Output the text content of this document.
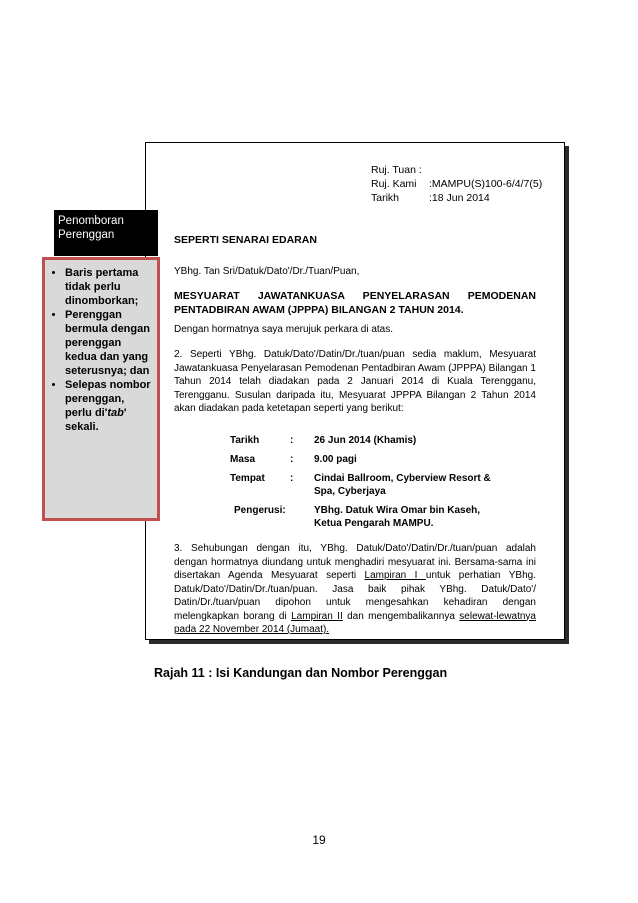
Ruj. Tuan :
Ruj. Kami	:MAMPU(S)100-6/4/7(5)
Tarikh	:18 Jun 2014
SEPERTI SENARAI EDARAN
YBhg. Tan Sri/Datuk/Dato'/Dr./Tuan/Puan,
MESYUARAT JAWATANKUASA PENYELARASAN PEMODENAN
PENTADBIRAN AWAM (JPPPA) BILANGAN 2 TAHUN 2014.
Dengan hormatnya saya merujuk perkara di atas.
2. Seperti YBhg. Datuk/Dato'/Datin/Dr./tuan/puan sedia maklum, Mesyuarat Jawatankuasa Penyelarasan Pemodenan Pentadbiran Awam (JPPPA) Bilangan 1 Tahun 2014 telah diadakan pada 2 Januari 2014 di Kuala Terengganu, Terengganu. Susulan daripada itu, Mesyuarat JPPPA Bilangan 2 Tahun 2014 akan diadakan pada ketetapan seperti yang berikut:
Tarikh	:	26 Jun 2014 (Khamis)
Masa	:	9.00 pagi
Tempat	:	Cindai Ballroom, Cyberview Resort & Spa, Cyberjaya
Pengerusi:	YBhg. Datuk Wira Omar bin Kaseh, Ketua Pengarah MAMPU.
3. Sehubungan dengan itu, YBhg. Datuk/Dato'/Datin/Dr./tuan/puan adalah dengan hormatnya diundang untuk menghadiri mesyuarat ini. Bersama-sama ini disertakan Agenda Mesyuarat seperti Lampiran I untuk perhatian YBhg. Datuk/Dato'/Datin/Dr./tuan/puan. Jasa baik pihak YBhg. Datuk/Dato'/ Datin/Dr./tuan/puan dipohon untuk mengesahkan kehadiran dengan melengkapkan borang di Lampiran II dan mengembalikannya selewat-lewatnya pada 22 November 2014 (Jumaat).
Penomboran Perenggan
• Baris pertama tidak perlu dinomborkan;
• Perenggan bermula dengan perenggan kedua dan yang seterusnya; dan
• Selepas nombor perenggan, perlu di'tab' sekali.
Rajah 11 : Isi Kandungan dan Nombor Perenggan
19
